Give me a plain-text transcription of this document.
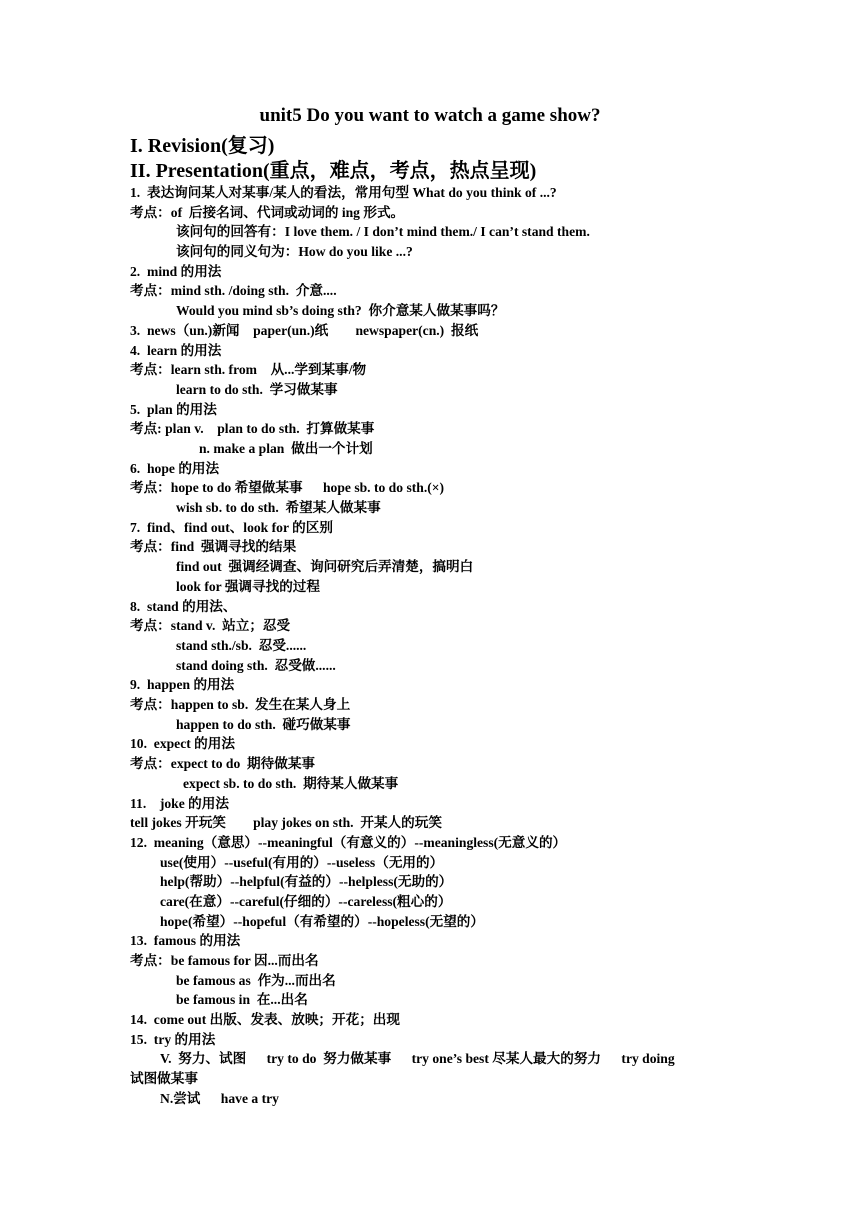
unit5 Do you want to watch a game show?
I. Revision(复习)
II. Presentation(重点，难点，考点，热点呈现)
1.  表达询问某人对某事/某人的看法，常用句型 What do you think of ...?
考点：of  后接名词、代词或动词的 ing 形式。
该问句的回答有：I love them. / I don’t mind them./ I can’t stand them.
该问句的同义句为：How do you like ...?
2.  mind 的用法
考点：mind sth. /doing sth.  介意....
Would you mind sb’s doing sth?  你介意某人做某事吗？
3.  news（un.)新闻    paper(un.)纸        newspaper(cn.)  报纸
4.  learn 的用法
考点：learn sth. from    从...学到某事/物
learn to do sth.  学习做某事
5.  plan 的用法
考点: plan v.    plan to do sth.  打算做某事
n. make a plan  做出一个计划
6.  hope 的用法
考点：hope to do 希望做某事      hope sb. to do sth.(×)
wish sb. to do sth.  希望某人做某事
7.  find、find out、look for 的区别
考点：find  强调寻找的结果
find out  强调经调查、询问研究后弄清楚，搞明白
look for 强调寻找的过程
8.  stand 的用法、
考点：stand v.  站立；忍受
stand sth./sb.  忍受......
stand doing sth.  忍受做......
9.  happen 的用法
考点：happen to sb.  发生在某人身上
happen to do sth.  碰巧做某事
10.  expect 的用法
考点：expect to do  期待做某事
expect sb. to do sth.  期待某人做某事
11.    joke 的用法
tell jokes 开玩笑        play jokes on sth.  开某人的玩笑
12.  meaning（意思）--meaningful（有意义的）--meaningless(无意义的）
use(使用）--useful(有用的）--useless（无用的）
help(帮助）--helpful(有益的）--helpless(无助的）
care(在意）--careful(仔细的）--careless(粗心的）
hope(希望）--hopeful（有希望的）--hopeless(无望的）
13.  famous 的用法
考点：be famous for 因...而出名
be famous as  作为...而出名
be famous in  在...出名
14.  come out 出版、发表、放映；开花；出现
15.  try 的用法
V.  努力、试图      try to do  努力做某事      try one’s best 尽某人最大的努力      try doing
试图做某事
N.尝试      have a try
